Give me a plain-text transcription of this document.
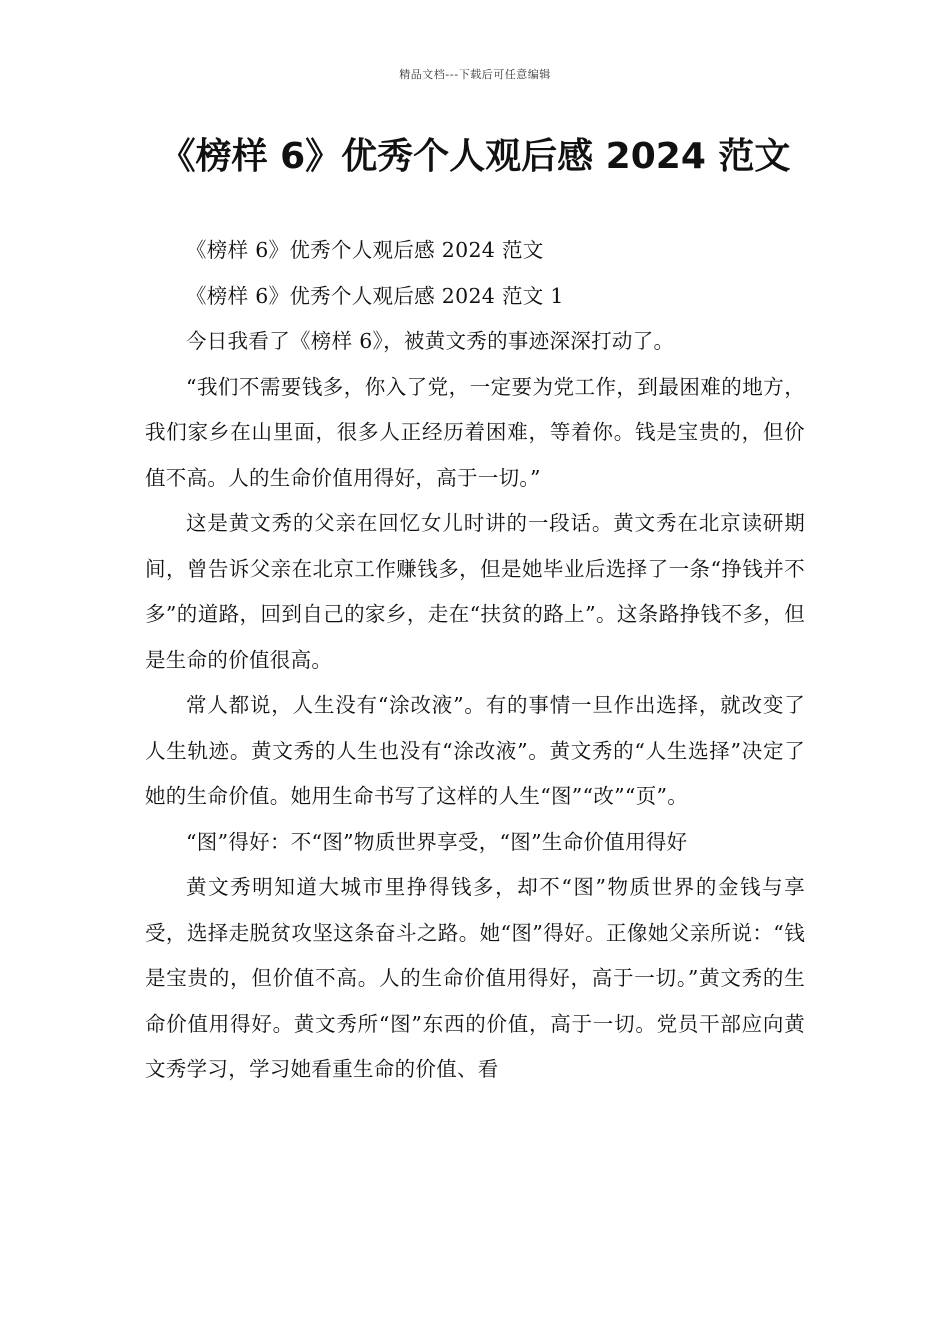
精品文档---下载后可任意编辑
《榜样 6》优秀个人观后感 2024 范文

《榜样 6》优秀个人观后感 2024 范文

《榜样 6》优秀个人观后感 2024 范文 1

今日我看了《榜样 6》，被黄文秀的事迹深深打动了。

“我们不需要钱多，你入了党，一定要为党工作，到最困难的地方，我们家乡在山里面，很多人正经历着困难，等着你。钱是宝贵的，但价值不高。人的生命价值用得好，高于一切。”

这是黄文秀的父亲在回忆女儿时讲的一段话。黄文秀在北京读研期间，曾告诉父亲在北京工作赚钱多，但是她毕业后选择了一条“挣钱并不多”的道路，回到自己的家乡，走在“扶贫的路上”。这条路挣钱不多，但是生命的价值很高。

常人都说，人生没有“涂改液”。有的事情一旦作出选择，就改变了人生轨迹。黄文秀的人生也没有“涂改液”。黄文秀的“人生选择”决定了她的生命价值。她用生命书写了这样的人生“图”“改”“页”。

“图”得好：不“图”物质世界享受，“图”生命价值用得好

黄文秀明知道大城市里挣得钱多，却不“图”物质世界的金钱与享受，选择走脱贫攻坚这条奋斗之路。她“图”得好。正像她父亲所说：“钱是宝贵的，但价值不高。人的生命价值用得好，高于一切。”黄文秀的生命价值用得好。黄文秀所“图”东西的价值，高于一切。党员干部应向黄文秀学习，学习她看重生命的价值、看
